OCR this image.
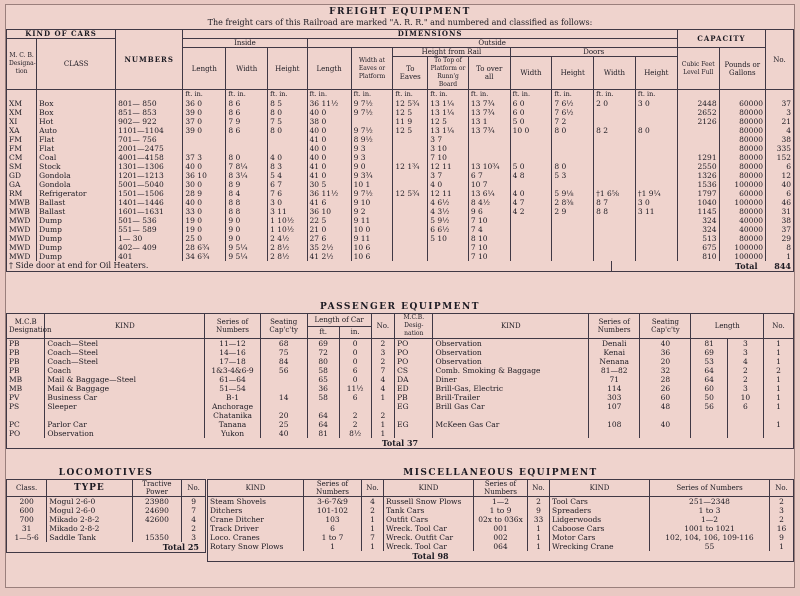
FREIGHT EQUIPMENT
The freight cars of this Railroad are marked "A. R. R." and numbered and classified as follows:
KIND OF CARS		NUMBERS	DIMENSIONS												CAPACITY		No.
M. C. B. Designa- tion	CLASS		Inside			Outside											
			Length	Width	Height	Length	Width at Eaves or Platform	Height from Rail			Doors				Cubic Feet Level Full	Pounds or Gallons	
								To Eaves	To Top of Platform or Runn'g Board	To over all	Width	Height	Width	Height			
			ft. in.	ft. in.	ft. in.	ft. in.	ft. in.	ft. in.	ft. in.	ft. in.	ft. in.	ft. in.	ft. in.	ft. in.			
XM	Box	801— 850	36 0	8 6	8 5	36 11½	9 7½	12 5¾	13 1¼	13 7¾	6 0	7 6½	2 0	3 0	2448	60000	37
XM	Box	851— 853	39 0	8 6	8 0	40 0	9 7½	12 5	13 1¼	13 7¾	6 0	7 6½			2652	80000	3
XI	Hot	902— 922	37 0	7 9	7 5	38 0		11 9	12 5	13 1	5 0	7 2			2126	80000	21
XA	Auto	1101—1104	39 0	8 6	8 0	40 0	9 7½	12 5	13 1¼	13 7¾	10 0	8 0	8 2	8 0		80000	4
FM	Flat	701— 756				41 0	8 9½		3 7							80000	38
FM	Flat	2001—2475				40 0	9 3		3 10							80000	335
CM	Coal	4001—4158	37 3	8 0	4 0	40 0	9 3		7 10						1291	80000	152
SM	Stock	1301—1306	40 0	7 8¼	8 3	41 0	9 0	12 1¾	12 11	13 10¾	5 0	8 0			2550	80000	6
GD	Gondola	1201—1213	36 10	8 3¼	5 4	41 0	9 3¾		3 7	6 7	4 8	5 3			1326	80000	12
GA	Gondola	5001—5040	30 0	8 9	6 7	30 5	10 1		4 0	10 7					1536	100000	40
RM	Refrigerator	1501—1506	28 9	8 4	7 6	36 11½	9 7½	12 5¾	12 11	13 6¼	4 0	5 9⅛	†1 6⅝	†1 9¼	1797	60000	6
MWB	Ballast	1401—1446	40 0	8 8	3 0	41 6	9 10		4 6½	8 4½	4 7	2 8⅜	8 7	3 0	1040	100000	46
MWB	Ballast	1601—1631	33 0	8 8	3 11	36 10	9 2		4 3½	9 6	4 2	2 9	8 8	3 11	1145	80000	31
MWD	Dump	501— 536	19 0	9 0	1 10½	22 5	9 11		5 9½	7 10					324	40000	38
MWD	Dump	551— 589	19 0	9 0	1 10½	21 0	10 0		6 6½	7 4					324	40000	37
MWD	Dump	1— 30	25 0	9 0	2 4½	27 6	9 11		5 10	8 10					513	80000	29
MWD	Dump	402— 409	28 6¾	9 5¼	2 8½	35 2½	10 6			7 10					675	100000	8
MWD	Dump	401	34 6¾	9 5¼	2 8½	41 2½	10 6			7 10					810	100000	1
† Side door at end for Oil Heaters.	Total 844
PASSENGER EQUIPMENT
M.C.B Designation	KIND	Series of Numbers	Seating Cap'c'ty	Length of Car		No.	M.C.B. Desig- nation	KIND	Series of Numbers	Seating Cap'c'ty	Length		No.
				ft.	in.								
PB	Coach—Steel	11—12	68	69	0	2	PO	Observation	Denali	40	81	3	1
PB	Coach—Steel	14—16	75	72	0	3	PO	Observation	Kenai	36	69	3	1
PB	Coach—Steel	17—18	84	80	0	2	PO	Observation	Nenana	20	53	4	1
PB	Coach	1&3-4&6-9	56	58	6	7	CS	Comb. Smoking & Baggage	81—82	32	64	2	2
MB	Mail & Baggage—Steel	61—64		65	0	4	DA	Diner	71	28	64	2	1
MB	Mail & Baggage	51—54		36	11½	4	ED	Brill-Gas, Electric	114	26	60	3	1
PV	Business Car	B-1	14	58	6	1	PB	Brill-Trailer	303	60	50	10	1
PS	Sleeper	Anchorage					EG	Brill Gas Car	107	48	56	6	1
		Chatanika	20	64	2	2							
PC	Parlor Car	Tanana	25	64	2	1	EG	McKeen Gas Car	108	40			1
PO	Observation	Yukon	40	81	8½	1							
Total 37
LOCOMOTIVES
Class.	TYPE	Tractive Power	No.
200	Mogul 2-6-0	23980	9
600	Mogul 2-6-0	24690	7
700	Mikado 2-8-2	42600	4
31	Mikado 2-8-2		2
1—5-6	Saddle Tank	15350	3
Total 25
MISCELLANEOUS EQUIPMENT
KIND	Series of Numbers	No.	KIND	Series of Numbers	No.	KIND	Series of Numbers	No.
Steam Shovels	3-6-7&9	4	Russell Snow Plows	1—2	2	Tool Cars	251—2348	2
Ditchers	101-102	2	Tank Cars	1 to 9	9	Spreaders	1 to 3	3
Crane Ditcher	103	1	Outfit Cars	02x to 036x	33	Lidgerwoods	1—2	2
Track Driver	6	1	Wreck. Tool Car	001	1	Caboose Cars	1001 to 1021	16
Loco. Cranes	1 to 7	7	Wreck. Outfit Car	002	1	Motor Cars	102, 104, 106, 109-116	9
Rotary Snow Plows	1	1	Wreck. Tool Car	064	1	Wrecking Crane	55	1
Total 98
